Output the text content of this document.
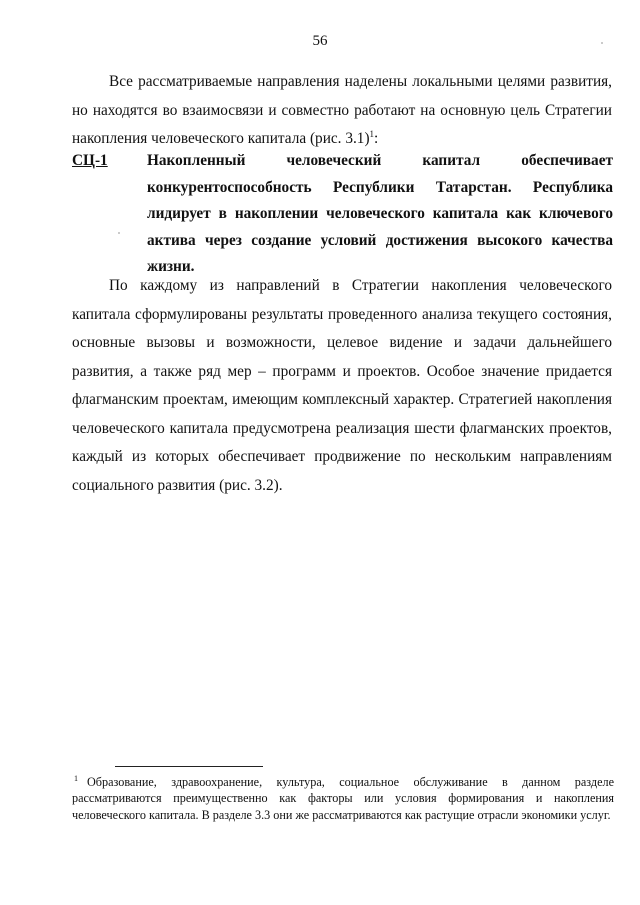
56

Все рассматриваемые направления наделены локальными целями развития, но находятся во взаимосвязи и совместно работают на основную цель Стратегии накопления человеческого капитала (рис. 3.1)$^1$:

СЦ-1	Накопленный человеческий капитал обеспечивает конкурентоспособность Республики Татарстан. Республика лидирует в накоплении человеческого капитала как ключевого актива через создание условий достижения высокого качества жизни.

По каждому из направлений в Стратегии накопления человеческого капитала сформулированы результаты проведенного анализа текущего состояния, основные вызовы и возможности, целевое видение и задачи дальнейшего развития, а также ряд мер – программ и проектов. Особое значение придается флагманским проектам, имеющим комплексный характер. Стратегией накопления человеческого капитала предусмотрена реализация шести флагманских проектов, каждый из которых обеспечивает продвижение по нескольким направлениям социального развития (рис. 3.2).

$^1$ Образование, здравоохранение, культура, социальное обслуживание в данном разделе рассматриваются преимущественно как факторы или условия формирования и накопления человеческого капитала. В разделе 3.3 они же рассматриваются как растущие отрасли экономики услуг.
